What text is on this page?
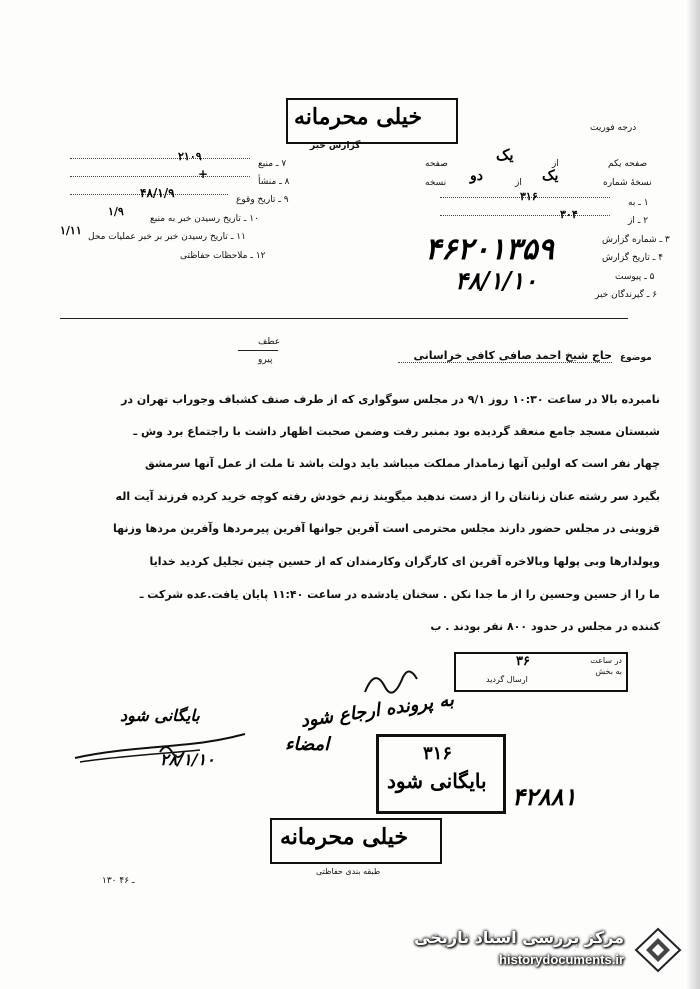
درجه فوریت
خیلی محرمانه
گزارش خبر
صفحه یکم
از
یک
صفحه
نسخهٔ شماره
یک
از
دو
نسخه
۱ ـ به
۳۱۶
۲ ـ از
۳۰۴
۳ ـ شماره گزارش
۴ ـ تاریخ گزارش
۵ ـ پیوست
۶ ـ گیرندگان خبر
۴۶۲۰۱۳۵۹
۴۸/۱/۱۰
۷ ـ منبع
۲۱۰۹
۸ ـ منشأ
+
۹ ـ تاریخ وقوع
۴۸/۱/۹
۱۰ ـ تاریخ رسیدن خبر به منبع
۱/۹
۱۱ ـ تاریخ رسیدن خبر بر خبر عملیات محل
۱/۱۱
۱۲ ـ ملاحظات حفاظتی
عطف
پیرو	موضوع
حاج شیخ احمد صافی کافی خراسانی
نامبرده بالا در ساعت ۱۰:۳۰ روز ۹/۱ در مجلس سوگواری که از طرف صنف کشباف وجوراب تهران در
شبستان مسجد جامع منعقد گردیده بود بمنبر رفت وضمن صحبت اظهار داشت با راجتماع برد وش ـ
چهار نفر است که اولین آنها زمامدار مملکت میباشد باید دولت باشد تا ملت از عمل آنها سرمشق
بگیرد سر رشته عنان زنانتان را از دست ندهید میگویند زنم خودش رفته کوچه خرید کرده فرزند آیت اله
قزوینی در مجلس حضور دارند مجلس محترمی است آفرین جوانها آفرین پیرمردها وآفرین مردها وزنها
وپولدارها وبی پولها وبالاخره آفرین ای کارگران وکارمندان که از حسین چنین تجلیل کردید خدایا
ما را از حسین وحسین را از ما جدا نکن . سخنان یادشده در ساعت ۱۱:۴۰ پایان یافت.عده شرکت ـ
کننده در مجلس در حدود ۸۰۰ نفر بودند . ب
در ساعت
به بخش
ارسال گردید
۳۶
بایگانی شود	به پرونده ارجاع شود
امضاء
۲۸/۱/۱۰	۳۱۶
بایگانی شود
۴۲۸۸۱
خیلی محرمانه
طبقه بندی حفاظتی
۱۳۰ ـ ۴۶
مرکز بررسی اسناد تاریخی
historydocuments.ir
